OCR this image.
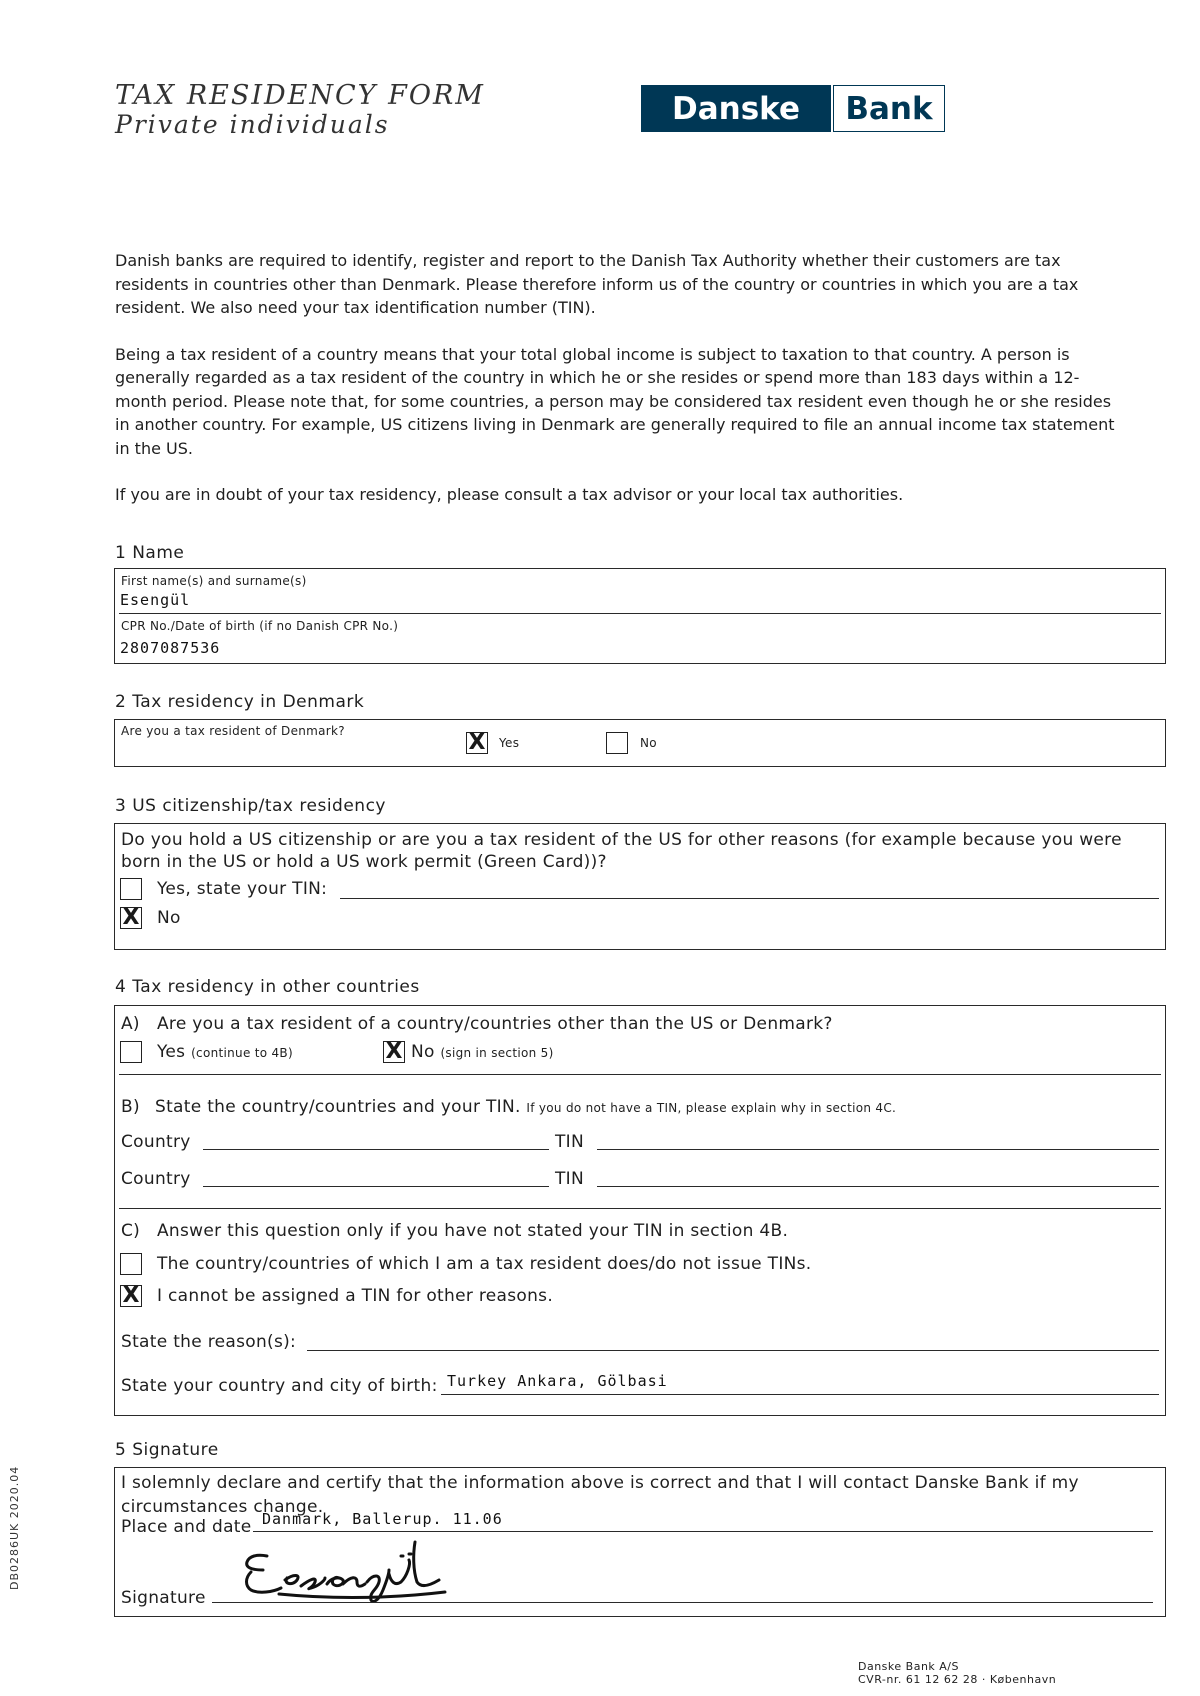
TAX RESIDENCY FORM
Private individuals	Danske	Bank

Danish banks are required to identify, register and report to the Danish Tax Authority whether their customers are tax residents in countries other than Denmark. Please therefore inform us of the country or countries in which you are a tax resident. We also need your tax identification number (TIN).

Being a tax resident of a country means that your total global income is subject to taxation to that country. A person is generally regarded as a tax resident of the country in which he or she resides or spend more than 183 days within a 12-month period. Please note that, for some countries, a person may be considered tax resident even though he or she resides in another country. For example, US citizens living in Denmark are generally required to file an annual income tax statement in the US.

If you are in doubt of your tax residency, please consult a tax advisor or your local tax authorities.

1 Name
First name(s) and surname(s)
Esengül
CPR No./Date of birth (if no Danish CPR No.)
2807087536
2 Tax residency in Denmark
Are you a tax resident of Denmark?	X Yes	No
3 US citizenship/tax residency
Do you hold a US citizenship or are you a tax resident of the US for other reasons (for example because you were born in the US or hold a US work permit (Green Card))?
Yes, state your TIN:
X No
4 Tax residency in other countries
A) Are you a tax resident of a country/countries other than the US or Denmark?
Yes (continue to 4B)	X No (sign in section 5)
B) State the country/countries and your TIN. If you do not have a TIN, please explain why in section 4C.
Country	TIN
Country	TIN
C) Answer this question only if you have not stated your TIN in section 4B.
The country/countries of which I am a tax resident does/do not issue TINs.
X I cannot be assigned a TIN for other reasons.
State the reason(s):
State your country and city of birth: Turkey Ankara, Gölbasi
5 Signature
I solemnly declare and certify that the information above is correct and that I will contact Danske Bank if my circumstances change.
Place and date Danmark, Ballerup. 11.06
Signature
Danske Bank A/S
CVR-nr. 61 12 62 28 · København
DB0286UK 2020.04
